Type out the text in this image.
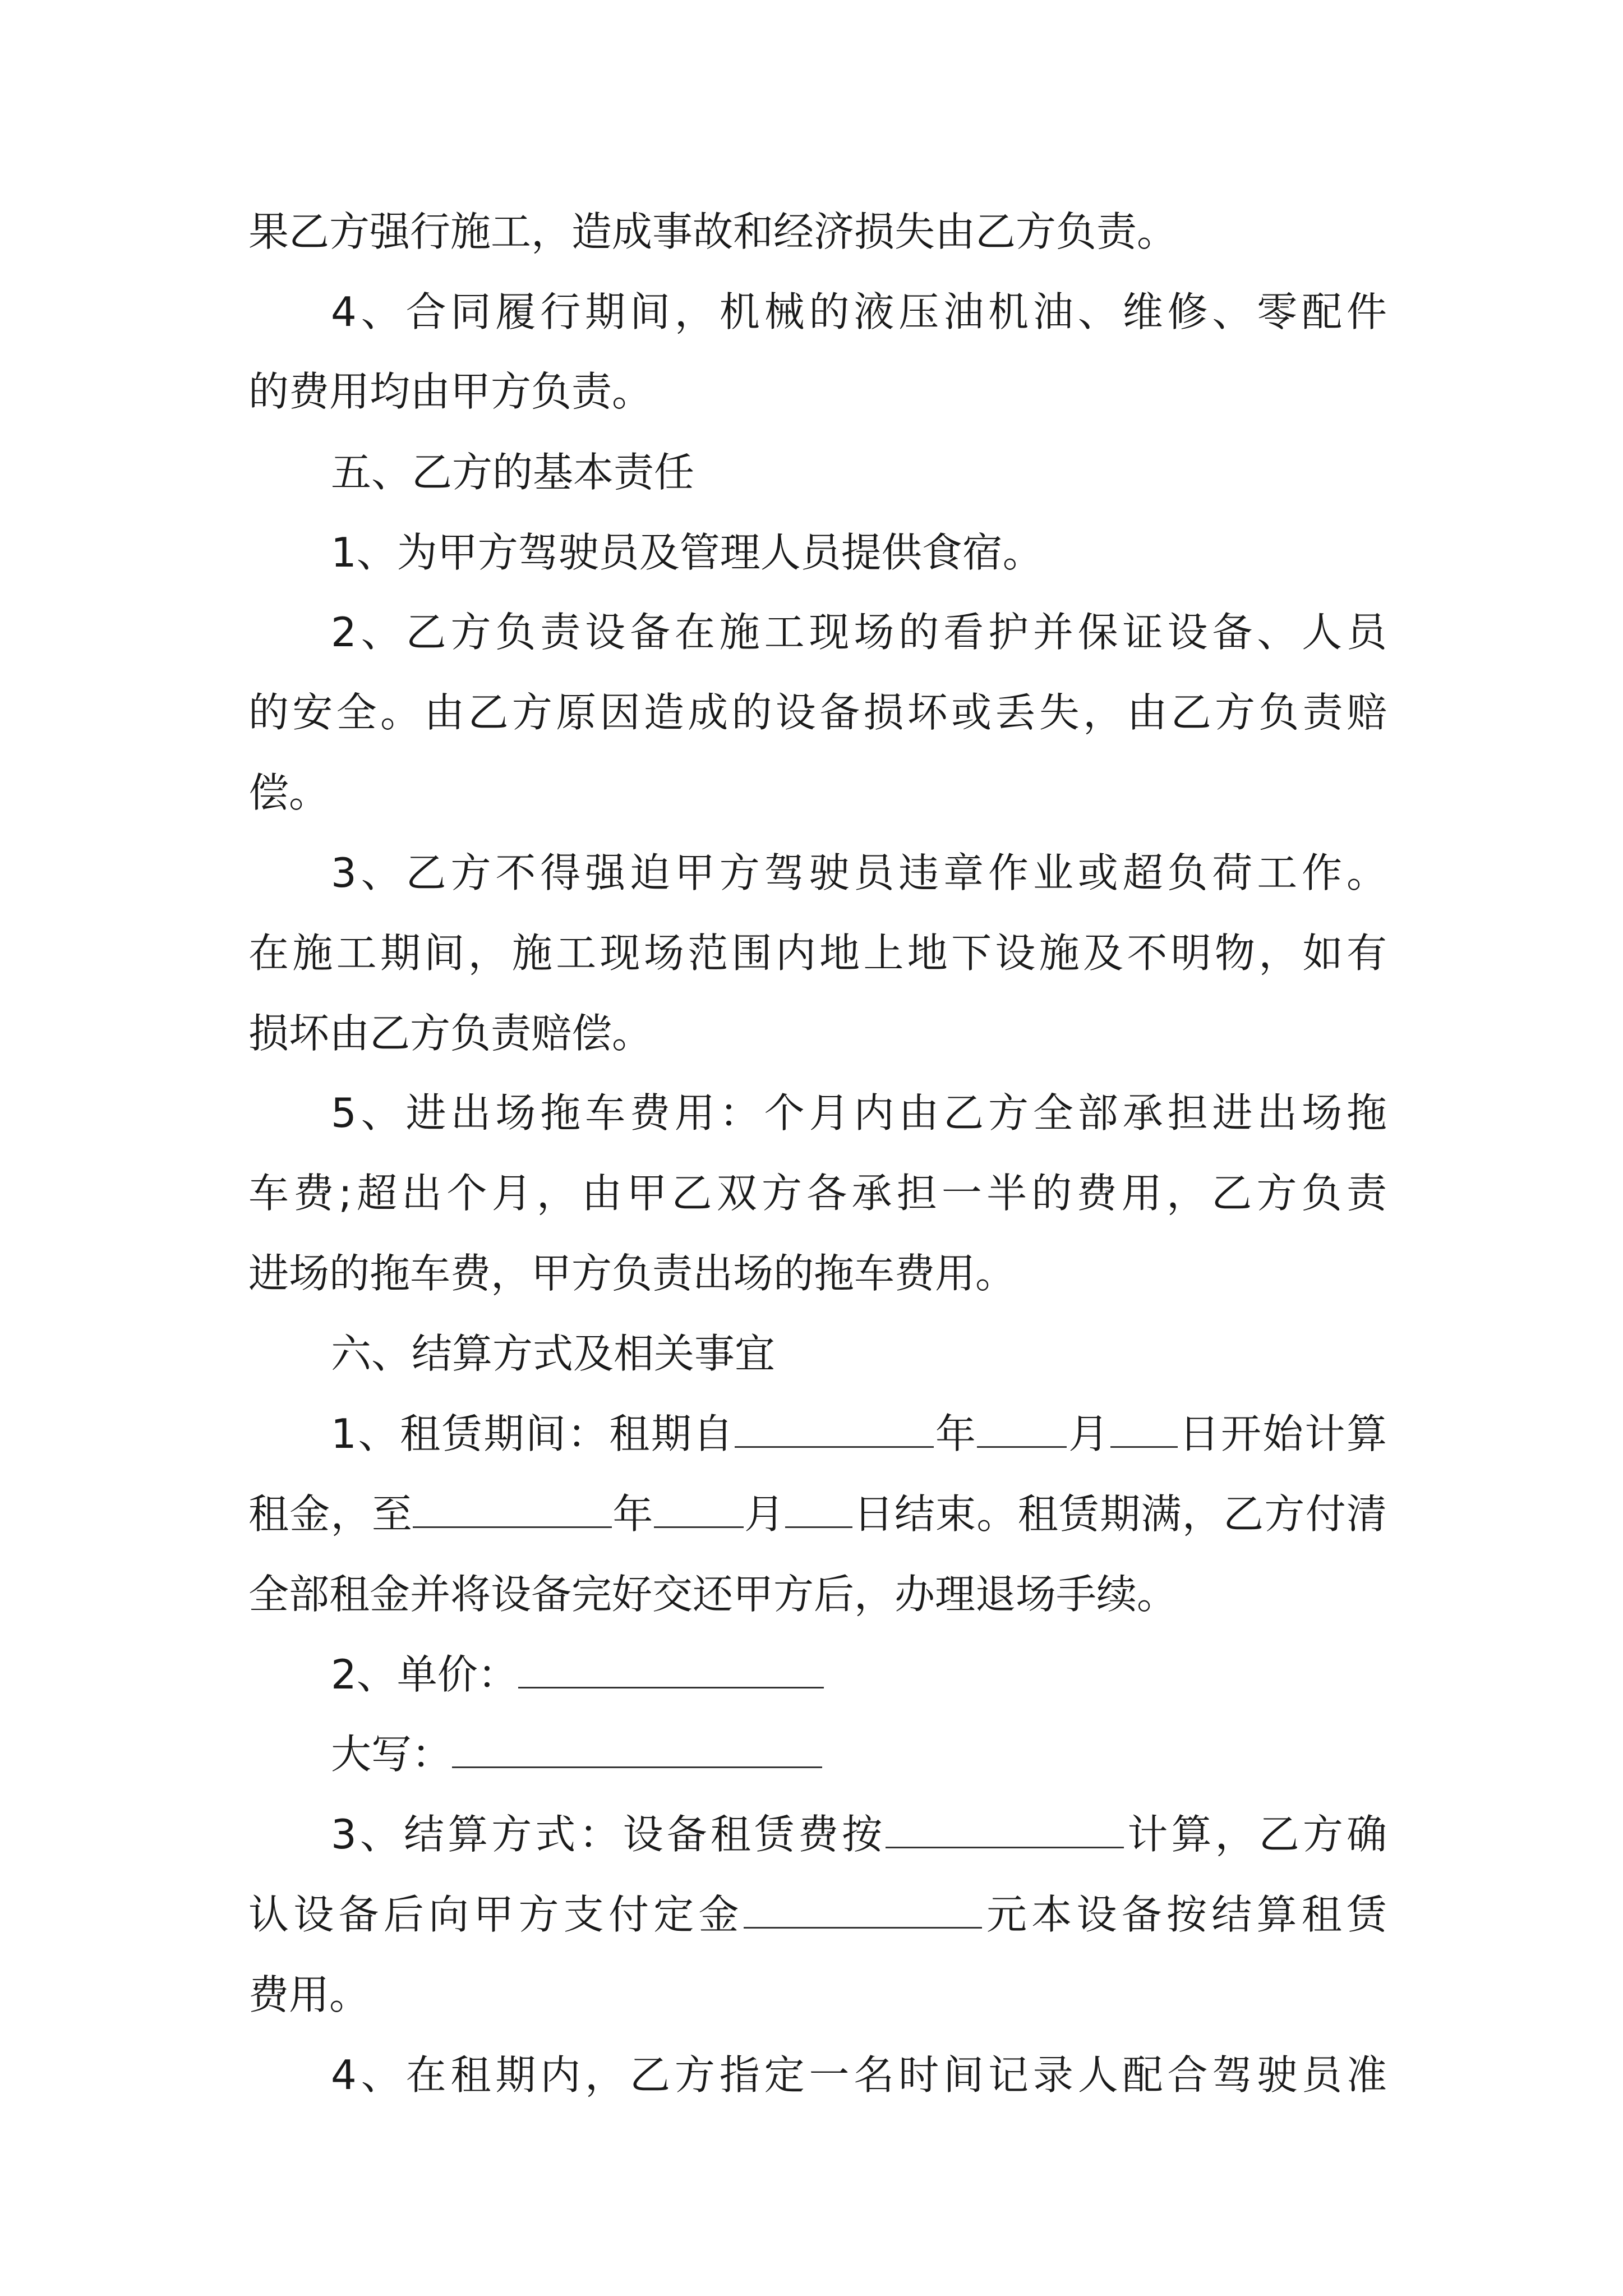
果乙方强行施工，造成事故和经济损失由乙方负责。
4、合同履行期间，机械的液压油机油、维修、零配件
的费用均由甲方负责。
五、乙方的基本责任
1、为甲方驾驶员及管理人员提供食宿。
2、乙方负责设备在施工现场的看护并保证设备、人员
的安全。由乙方原因造成的设备损坏或丢失，由乙方负责赔
偿。
3、乙方不得强迫甲方驾驶员违章作业或超负荷工作。
在施工期间，施工现场范围内地上地下设施及不明物，如有
损坏由乙方负责赔偿。
5、进出场拖车费用：个月内由乙方全部承担进出场拖
车费;超出个月，由甲乙双方各承担一半的费用，乙方负责
进场的拖车费，甲方负责出场的拖车费用。
六、结算方式及相关事宜
1、租赁期间：租期自	年 月 日开始计算
租金，至	年 月 日结束。租赁期满，乙方付清
全部租金并将设备完好交还甲方后，办理退场手续。
2、单价：
大写：
3、结算方式：设备租赁费按	计算，乙方确
认设备后向甲方支付定金	元本设备按结算租赁
费用。
4、在租期内，乙方指定一名时间记录人配合驾驶员准
